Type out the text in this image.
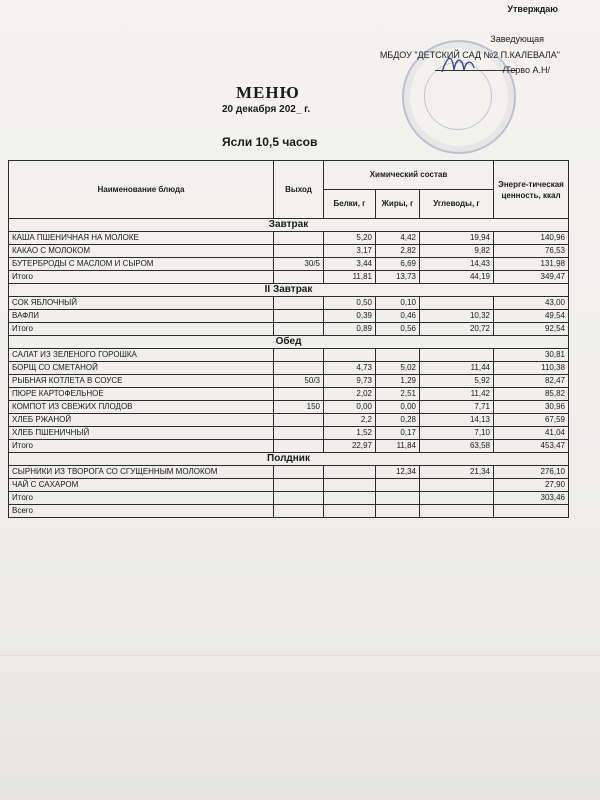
Утверждаю
Заведующая
МБДОУ "ДЕТСКИЙ САД №2 П.КАЛЕВАЛА"
/Терво А.Н/
МЕНЮ
20 декабря 202_ г.
Ясли 10,5 часов
Наименование блюда	Выход	Химический состав			Энерге-тическая ценность, ккал
		Белки, г	Жиры, г	Углеводы, г	
Завтрак					
КАША ПШЕНИЧНАЯ НА МОЛОКЕ		5,20	4,42	19,94	140,96
КАКАО С МОЛОКОМ		3,17	2,82	9,82	76,53
БУТЕРБРОДЫ С МАСЛОМ И СЫРОМ	30/5	3,44	6,69	14,43	131,98
Итого		11,81	13,73	44,19	349,47
II Завтрак					
СОК ЯБЛОЧНЫЙ		0,50	0,10		43,00
ВАФЛИ		0,39	0,46	10,32	49,54
Итого		0,89	0,56	20,72	92,54
Обед					
САЛАТ ИЗ ЗЕЛЕНОГО ГОРОШКА					30,81
БОРЩ СО СМЕТАНОЙ		4,73	5,02	11,44	110,38
РЫБНАЯ КОТЛЕТА В СОУСЕ	50/3	9,73	1,29	5,92	82,47
ПЮРЕ КАРТОФЕЛЬНОЕ		2,02	2,51	11,42	85,82
КОМПОТ ИЗ СВЕЖИХ ПЛОДОВ	150	0,00	0,00	7,71	30,96
ХЛЕБ РЖАНОЙ		2,2	0,28	14,13	67,59
ХЛЕБ ПШЕНИЧНЫЙ		1,52	0,17	7,10	41,04
Итого		22,97	11,84	63,58	453,47
Полдник					
СЫРНИКИ ИЗ ТВОРОГА СО СГУЩЕННЫМ МОЛОКОМ			12,34	21,34	276,10
ЧАЙ С САХАРОМ					27,90
Итого					303,46
Всего					
